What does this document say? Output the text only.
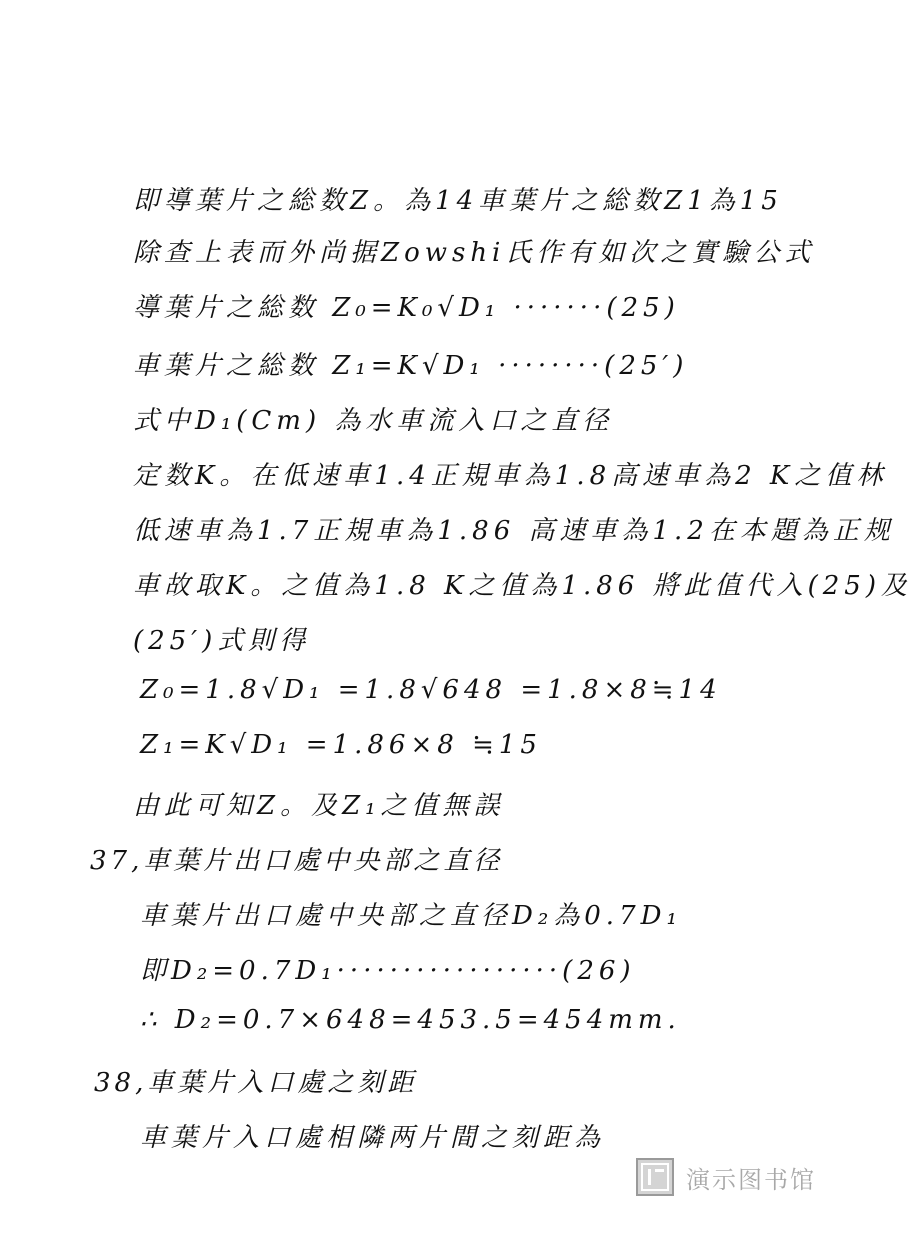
即導葉片之総数Z。為14車葉片之総数Z1為15
除查上表而外尚据Zowshi氏作有如次之實驗公式
導葉片之総数 Z₀=K₀√D₁ ·······(25)
車葉片之総数 Z₁=K√D₁ ········(25′)
式中D₁(Cm) 為水車流入口之直径
定数K。在低速車1.4正規車為1.8高速車為2 K之值林
低速車為1.7正規車為1.86 高速車為1.2在本題為正规
車故取K。之值為1.8 K之值為1.86 將此值代入(25)及
(25′)式則得
Z₀=1.8√D₁ =1.8√648 =1.8×8≒14
Z₁=K√D₁ =1.86×8 ≒15
由此可知Z。及Z₁之值無誤
37,車葉片出口處中央部之直径
車葉片出口處中央部之直径D₂為0.7D₁
即D₂=0.7D₁·················(26)
∴ D₂=0.7×648=453.5=454mm.
38,車葉片入口處之刻距
車葉片入口處相隣两片間之刻距為
演示图书馆
